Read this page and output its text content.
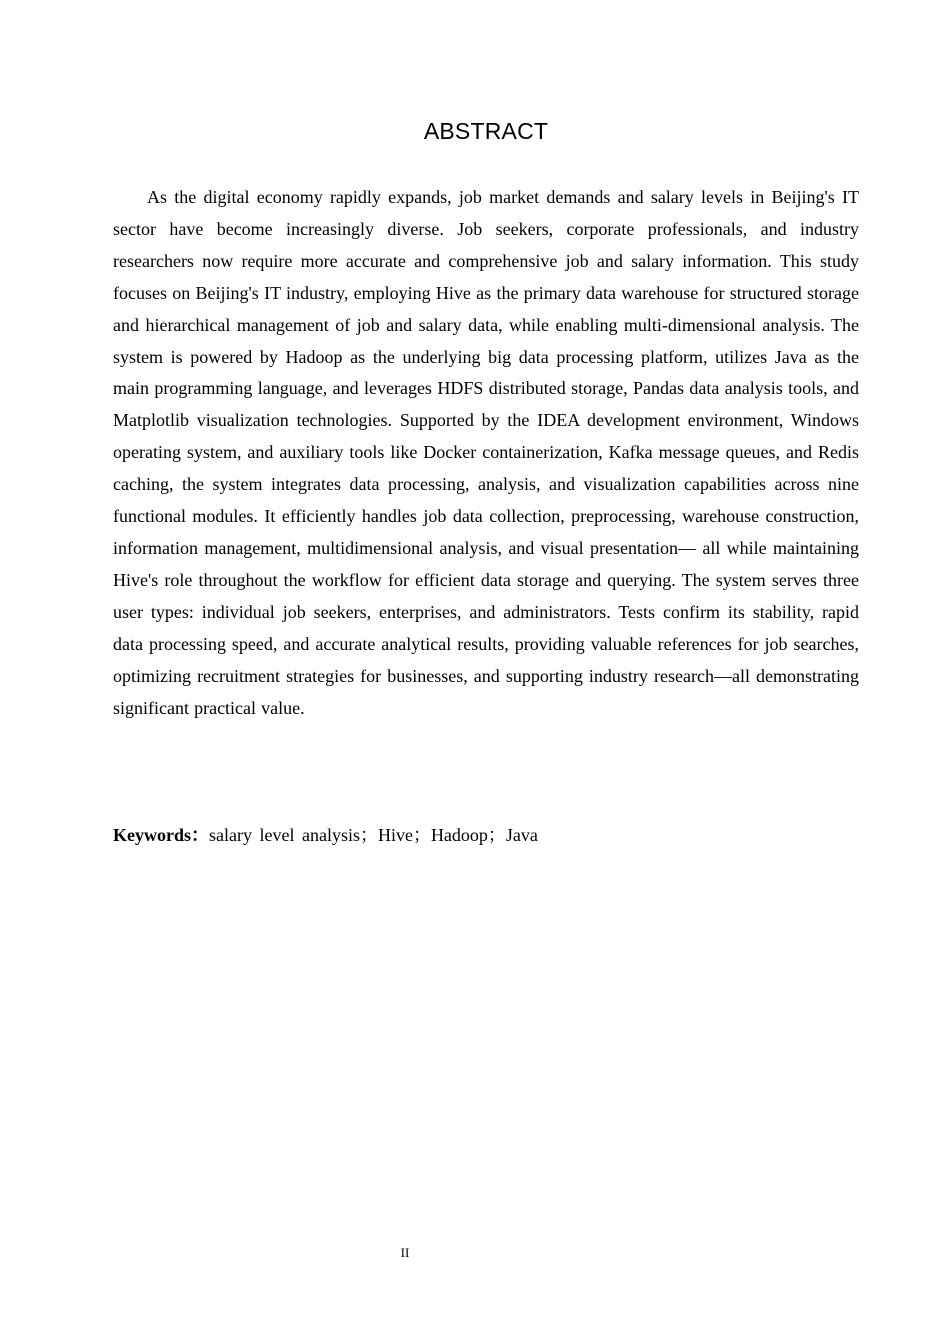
ABSTRACT

As the digital economy rapidly expands, job market demands and salary levels in Beijing's IT sector have become increasingly diverse. Job seekers, corporate professionals, and industry researchers now require more accurate and comprehensive job and salary information. This study focuses on Beijing's IT industry, employing Hive as the primary data warehouse for structured storage and hierarchical management of job and salary data, while enabling multi-dimensional analysis. The system is powered by Hadoop as the underlying big data processing platform, utilizes Java as the main programming language, and leverages HDFS distributed storage, Pandas data analysis tools, and Matplotlib visualization technologies. Supported by the IDEA development environment, Windows operating system, and auxiliary tools like Docker containerization, Kafka message queues, and Redis caching, the system integrates data processing, analysis, and visualization capabilities across nine functional modules. It efficiently handles job data collection, preprocessing, warehouse construction, information management, multidimensional analysis, and visual presentation— all while maintaining Hive's role throughout the workflow for efficient data storage and querying. The system serves three user types: individual job seekers, enterprises, and administrators. Tests confirm its stability, rapid data processing speed, and accurate analytical results, providing valuable references for job searches, optimizing recruitment strategies for businesses, and supporting industry research—all demonstrating significant practical value.

Keywords：salary level analysis；Hive；Hadoop；Java

II
